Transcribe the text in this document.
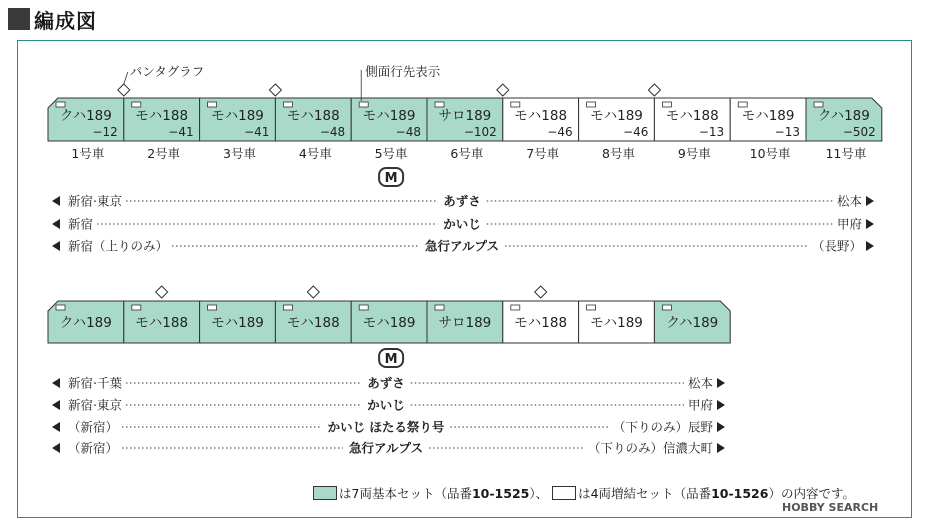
編成図
クハ189
−12
1号車
モハ188
−41
2号車
モハ189
−41
3号車
モハ188
−48
4号車
モハ189
−48
5号車
サロ189
−102
6号車
モハ188
−46
7号車
モハ189
−46
8号車
モハ188
−13
9号車
モハ189
−13
10号車
クハ189
−502
11号車
パンタグラフ	側面行先表示
M
新宿·東京	あずさ	松本
新宿	かいじ	甲府
新宿（上りのみ）	急行アルプス	（長野）
クハ189 モハ188 モハ189 モハ188 モハ189 サロ189 モハ188 モハ189 クハ189
M
新宿·千葉	あずさ	松本
新宿·東京	かいじ	甲府
（新宿）	かいじ ほたる祭り号	（下りのみ）辰野
（新宿）	急行アルプス	（下りのみ）信濃大町
は7両基本セット（品番 10-1525 ）、 は4両増結セット（品番 10-1526 ）の内容です。
HOBBY SEARCH
